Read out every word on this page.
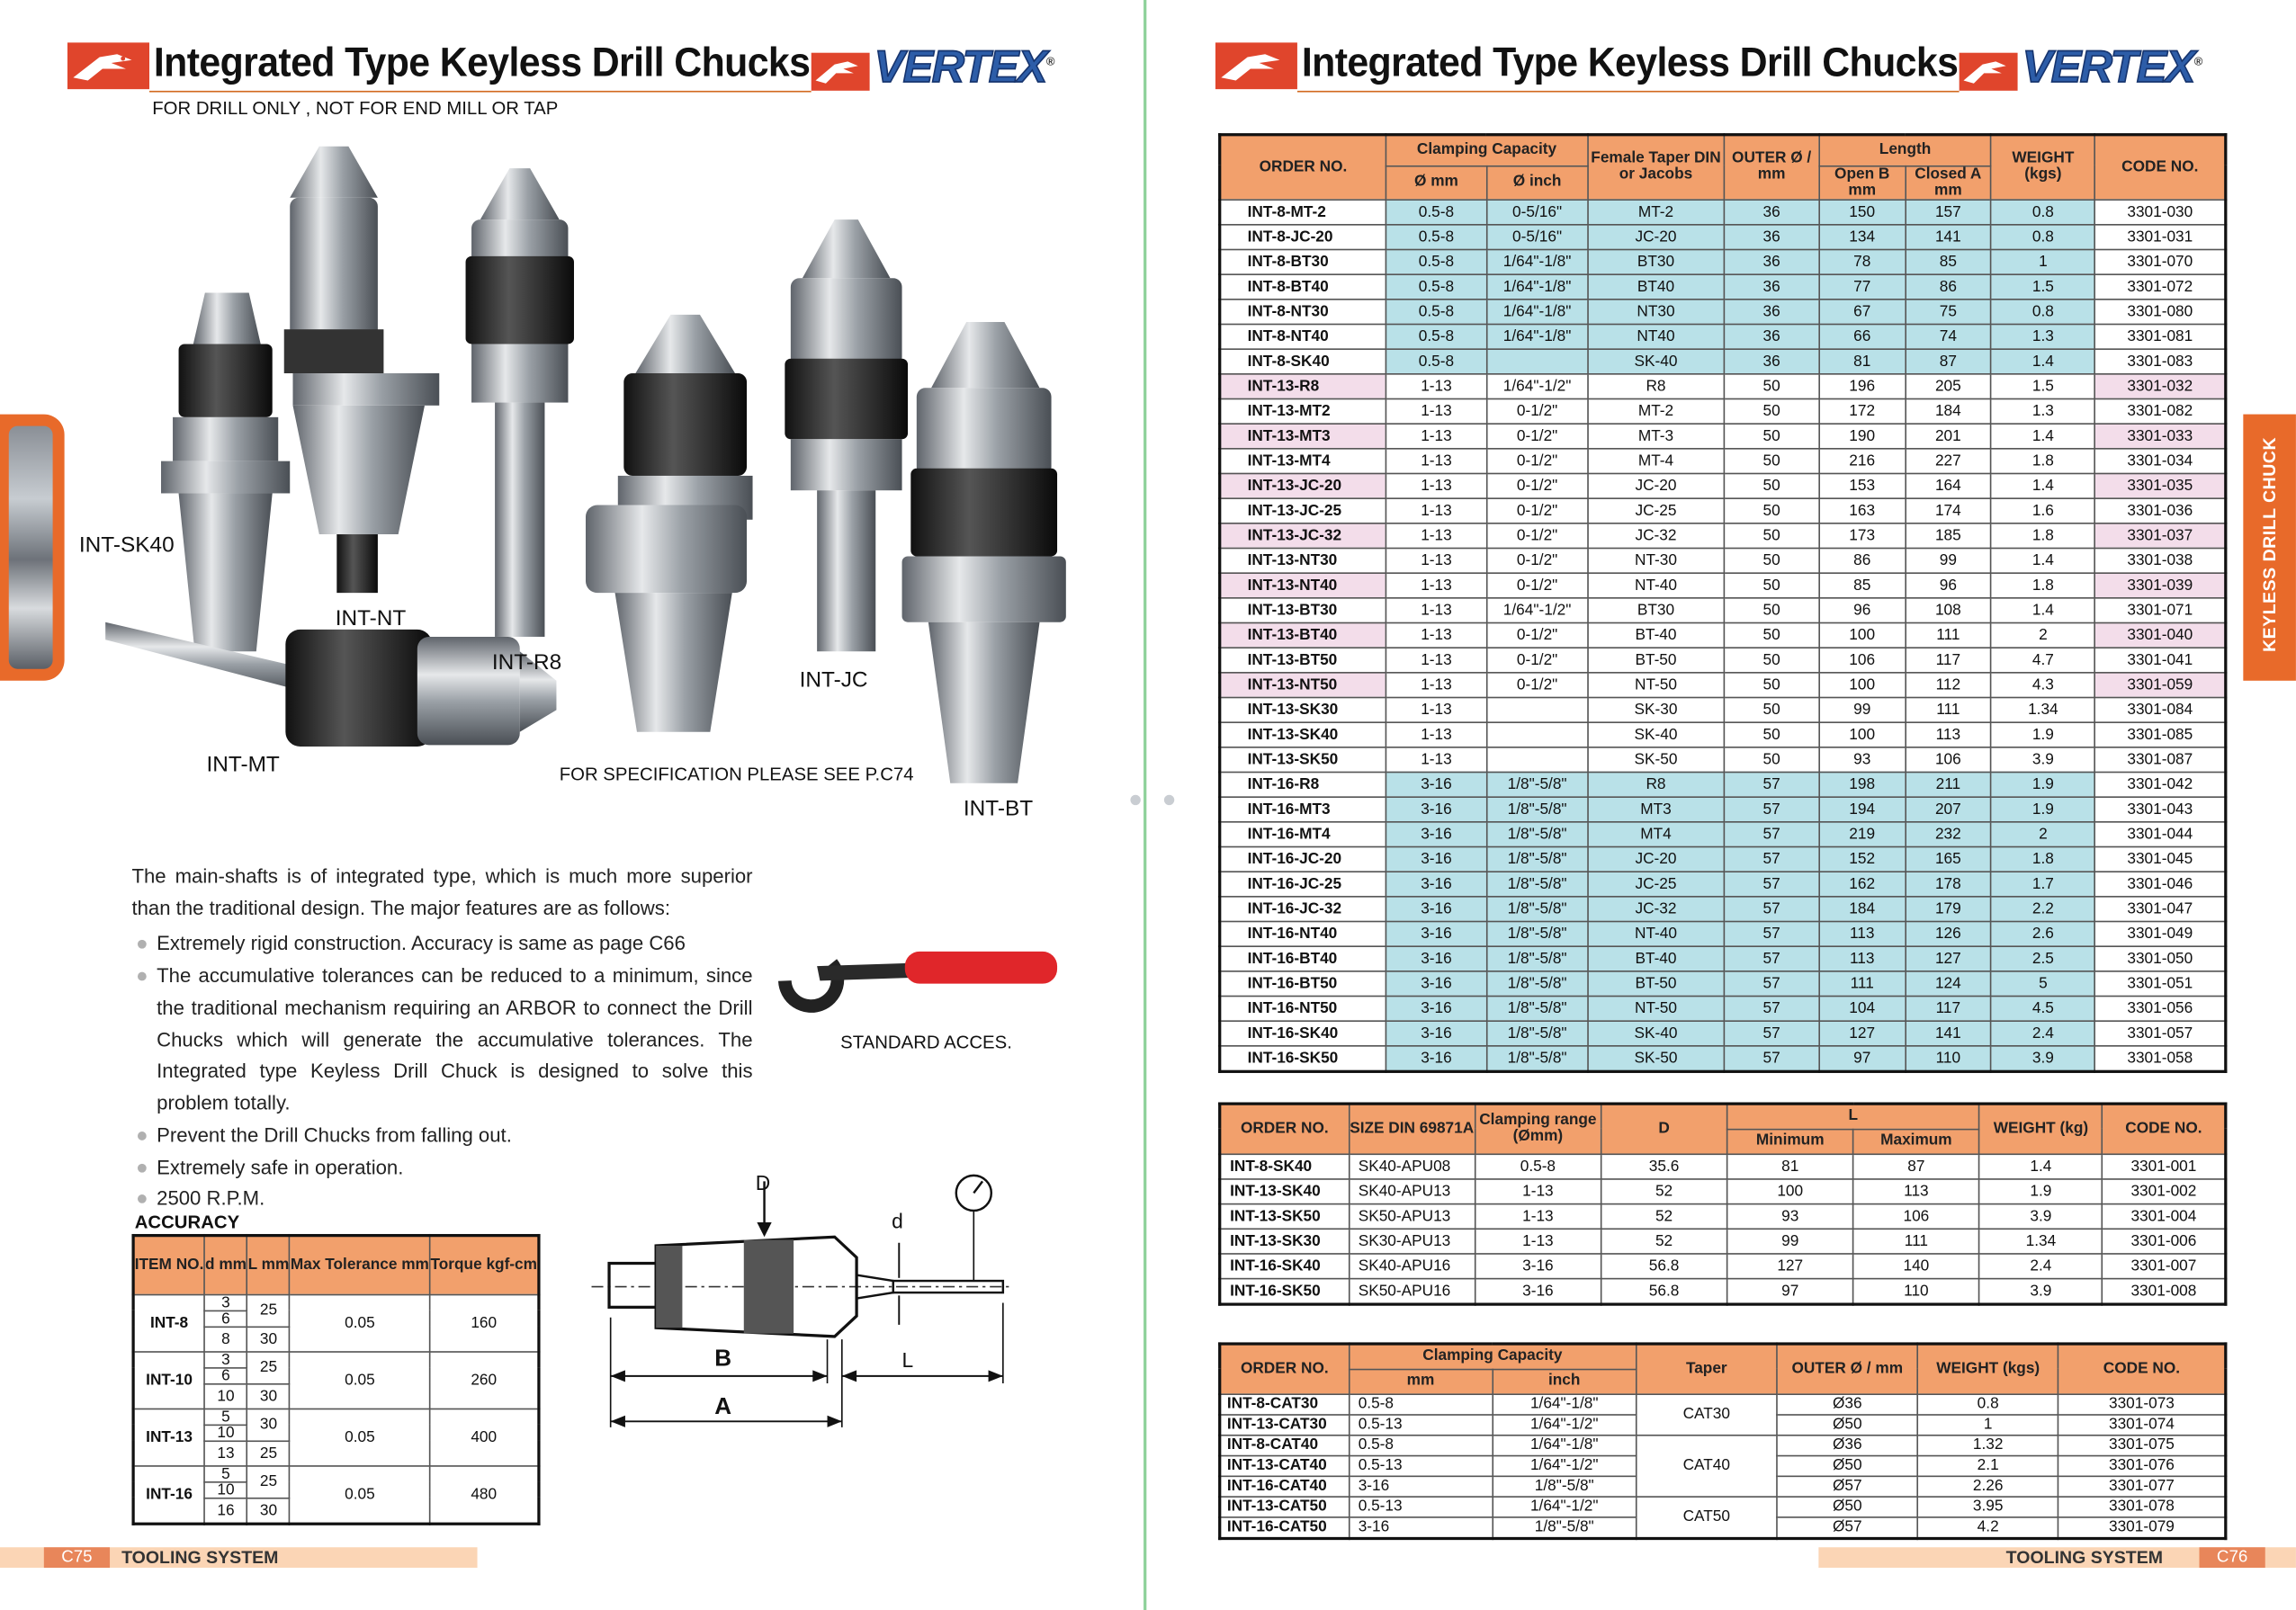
Integrated Type Keyless Drill Chucks VERTEX®
FOR DRILL ONLY , NOT FOR END MILL OR TAP
INT-SK40
INT-NT
INT-R8
INT-JC
INT-MT
INT-BT
FOR SPECIFICATION PLEASE SEE P.C74
The main-shafts is of integrated type, which is much more superior than the traditional design. The major features are as follows:
Extremely rigid construction. Accuracy is same as page C66
The accumulative tolerances can be reduced to a minimum, since the traditional mechanism requiring an ARBOR to connect the Drill Chucks which will generate the accumulative tolerances. The Integrated type Keyless Drill Chuck is designed to solve this problem totally.
Prevent the Drill Chucks from falling out.
Extremely safe in operation.
2500 R.P.M.
STANDARD ACCES.
ACCURACY
ITEM NO.	d mm	L mm	Max Tolerance mm	Torque kgf-cm
INT-8	3	25	0.05	160
	6			
	8	30		
INT-10	3	25	0.05	260
	6			
	10	30		
INT-13	5	30	0.05	400
	10			
	13	25		
INT-16	5	25	0.05	480
	10			
	16	30		
D
d
B
A
L
C75	TOOLING SYSTEM
Integrated Type Keyless Drill Chucks VERTEX®
KEYLESS DRILL CHUCK
ORDER NO.	Clamping Capacity		Female Taper DIN or Jacobs	OUTER Ø / mm	Length		WEIGHT (kgs)	CODE NO.
	Ø mm	Ø inch			Open B mm	Closed A mm		
INT-8-MT-2	0.5-8	0-5/16"	MT-2	36	150	157	0.8	3301-030
INT-8-JC-20	0.5-8	0-5/16"	JC-20	36	134	141	0.8	3301-031
INT-8-BT30	0.5-8	1/64"-1/8"	BT30	36	78	85	1	3301-070
INT-8-BT40	0.5-8	1/64"-1/8"	BT40	36	77	86	1.5	3301-072
INT-8-NT30	0.5-8	1/64"-1/8"	NT30	36	67	75	0.8	3301-080
INT-8-NT40	0.5-8	1/64"-1/8"	NT40	36	66	74	1.3	3301-081
INT-8-SK40	0.5-8		SK-40	36	81	87	1.4	3301-083
INT-13-R8	1-13	1/64"-1/2"	R8	50	196	205	1.5	3301-032
INT-13-MT2	1-13	0-1/2"	MT-2	50	172	184	1.3	3301-082
INT-13-MT3	1-13	0-1/2"	MT-3	50	190	201	1.4	3301-033
INT-13-MT4	1-13	0-1/2"	MT-4	50	216	227	1.8	3301-034
INT-13-JC-20	1-13	0-1/2"	JC-20	50	153	164	1.4	3301-035
INT-13-JC-25	1-13	0-1/2"	JC-25	50	163	174	1.6	3301-036
INT-13-JC-32	1-13	0-1/2"	JC-32	50	173	185	1.8	3301-037
INT-13-NT30	1-13	0-1/2"	NT-30	50	86	99	1.4	3301-038
INT-13-NT40	1-13	0-1/2"	NT-40	50	85	96	1.8	3301-039
INT-13-BT30	1-13	1/64"-1/2"	BT30	50	96	108	1.4	3301-071
INT-13-BT40	1-13	0-1/2"	BT-40	50	100	111	2	3301-040
INT-13-BT50	1-13	0-1/2"	BT-50	50	106	117	4.7	3301-041
INT-13-NT50	1-13	0-1/2"	NT-50	50	100	112	4.3	3301-059
INT-13-SK30	1-13		SK-30	50	99	111	1.34	3301-084
INT-13-SK40	1-13		SK-40	50	100	113	1.9	3301-085
INT-13-SK50	1-13		SK-50	50	93	106	3.9	3301-087
INT-16-R8	3-16	1/8"-5/8"	R8	57	198	211	1.9	3301-042
INT-16-MT3	3-16	1/8"-5/8"	MT3	57	194	207	1.9	3301-043
INT-16-MT4	3-16	1/8"-5/8"	MT4	57	219	232	2	3301-044
INT-16-JC-20	3-16	1/8"-5/8"	JC-20	57	152	165	1.8	3301-045
INT-16-JC-25	3-16	1/8"-5/8"	JC-25	57	162	178	1.7	3301-046
INT-16-JC-32	3-16	1/8"-5/8"	JC-32	57	184	179	2.2	3301-047
INT-16-NT40	3-16	1/8"-5/8"	NT-40	57	113	126	2.6	3301-049
INT-16-BT40	3-16	1/8"-5/8"	BT-40	57	113	127	2.5	3301-050
INT-16-BT50	3-16	1/8"-5/8"	BT-50	57	111	124	5	3301-051
INT-16-NT50	3-16	1/8"-5/8"	NT-50	57	104	117	4.5	3301-056
INT-16-SK40	3-16	1/8"-5/8"	SK-40	57	127	141	2.4	3301-057
INT-16-SK50	3-16	1/8"-5/8"	SK-50	57	97	110	3.9	3301-058
ORDER NO.	SIZE DIN 69871A	Clamping range (Ømm)	D	L		WEIGHT (kg)	CODE NO.
				Minimum	Maximum		
INT-8-SK40	SK40-APU08	0.5-8	35.6	81	87	1.4	3301-001
INT-13-SK40	SK40-APU13	1-13	52	100	113	1.9	3301-002
INT-13-SK50	SK50-APU13	1-13	52	93	106	3.9	3301-004
INT-13-SK30	SK30-APU13	1-13	52	99	111	1.34	3301-006
INT-16-SK40	SK40-APU16	3-16	56.8	127	140	2.4	3301-007
INT-16-SK50	SK50-APU16	3-16	56.8	97	110	3.9	3301-008
ORDER NO.	Clamping Capacity		Taper	OUTER Ø / mm	WEIGHT (kgs)	CODE NO.
	mm	inch				
INT-8-CAT30	0.5-8	1/64"-1/8"	CAT30	Ø36	0.8	3301-073
INT-13-CAT30	0.5-13	1/64"-1/2"		Ø50	1	3301-074
INT-8-CAT40	0.5-8	1/64"-1/8"	CAT40	Ø36	1.32	3301-075
INT-13-CAT40	0.5-13	1/64"-1/2"		Ø50	2.1	3301-076
INT-16-CAT40	3-16	1/8"-5/8"		Ø57	2.26	3301-077
INT-13-CAT50	0.5-13	1/64"-1/2"	CAT50	Ø50	3.95	3301-078
INT-16-CAT50	3-16	1/8"-5/8"		Ø57	4.2	3301-079
TOOLING SYSTEM	C76
